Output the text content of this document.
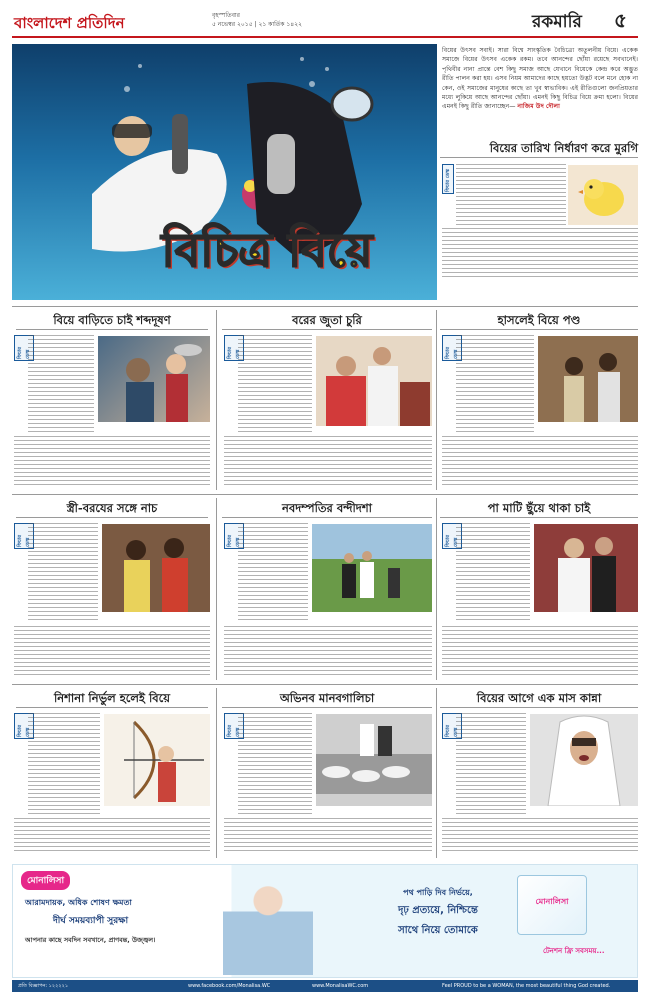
বাংলাদেশ প্রতিদিন	বৃহস্পতিবার
৫ নভেম্বর ২০১৫ | ২১ কার্তিক ১৪২২	রকমারি ৫
বিচিত্র বিয়ে
বিয়ের উৎসব সবাই। সারা বিশ্বে সাংস্কৃতিক বৈচিত্র্যে অতুলনীয় বিয়ে। একেক সমাজে বিয়ের উৎসব একেক রকম। তবে আনন্দের ছোঁয়া রয়েছে সবখানেই। পৃথিবীর নানা প্রান্তে বেশ কিছু সমাজ আছে যেখানে বিয়েকে কেন্দ্র করে অদ্ভুত রীতি পালন করা হয়। এসব নিয়ম আমাদের কাছে হয়তো উদ্ভট বলে মনে হোক না কেন, ওই সমাজের মানুষের কাছে তা খুব স্বাভাবিক। এই রীতিগুলো জনপ্রিয়তার মধ্যে লুকিয়ে আছে আনন্দের ছোঁয়া। এমনই কিছু বিচিত্র বিয়ে ক্রমা হলো। বিয়ের এমনই কিছু রীতি জানাচ্ছেন— নাজিম উদ দৌলা
বিয়ের তারিখ নির্ধারণ করে মুরগি
ফিচার ডেস্ক
বিয়ে বাড়িতে চাই শব্দদূষণ
ফিচার ডেস্ক
বরের জুতা চুরি
ফিচার ডেস্ক
হাসলেই বিয়ে পণ্ড
ফিচার ডেস্ক
স্ত্রী-বরযের সঙ্গে নাচ
ফিচার ডেস্ক
নবদম্পতির বন্দীদশা
ফিচার ডেস্ক
পা মাটি ছুঁয়ে থাকা চাই
ফিচার ডেস্ক
নিশানা নির্ভুল হলেই বিয়ে
ফিচার ডেস্ক
অভিনব মানবগালিচা
ফিচার ডেস্ক
বিয়ের আগে এক মাস কান্না
ফিচার ডেস্ক
মোনালিসা
আরামদায়ক, অধিক শোষণ ক্ষমতা
দীর্ঘ সময়ব্যাপী সুরক্ষা
আপনার কাছে সবদিন সবখানে, প্রাণবন্ত, উজ্জ্বল।
পথ পাড়ি দিব নির্ভয়ে,
দৃঢ় প্রত্যয়ে, নিশ্চিন্তে
সাথে নিয়ে তোমাকে
মোনালিসা
টেনশন ফ্রি সবসময়...
প্রতি বিজ্ঞাপন: ১২২২২১	www.facebook.com/Monalisa.WC	www.MonalisaWC.com	Feel PROUD to be a WOMAN, the most beautiful thing God created.
